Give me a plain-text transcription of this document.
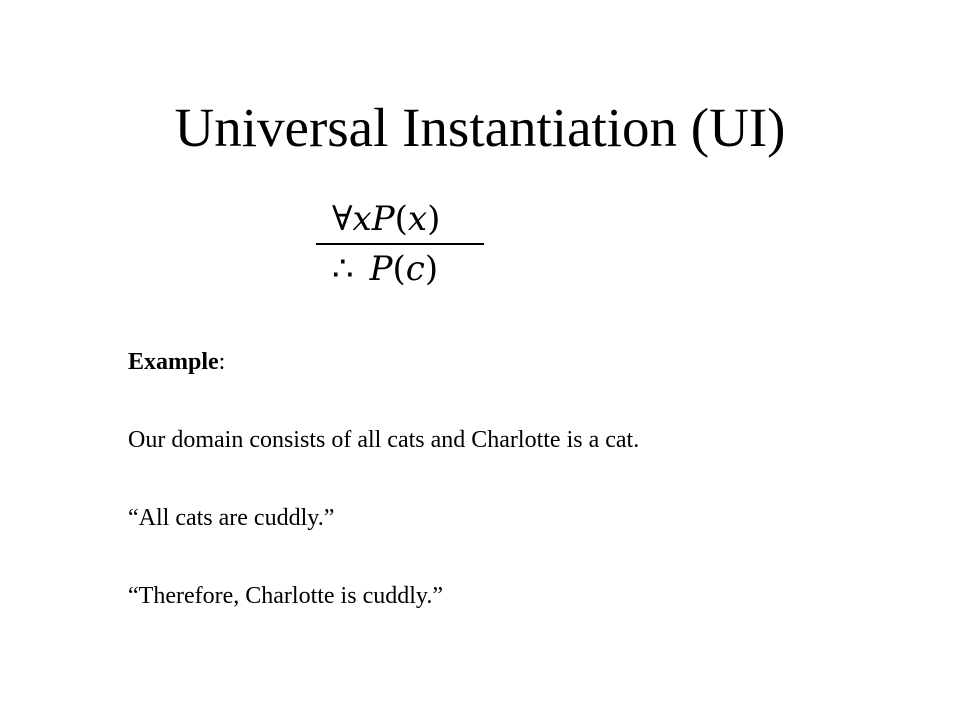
Universal Instantiation (UI)
∀xP(x)
∴ P(c)

Example:

Our domain consists of all cats and Charlotte is a cat.

“All cats are cuddly.”

“Therefore, Charlotte is cuddly.”
